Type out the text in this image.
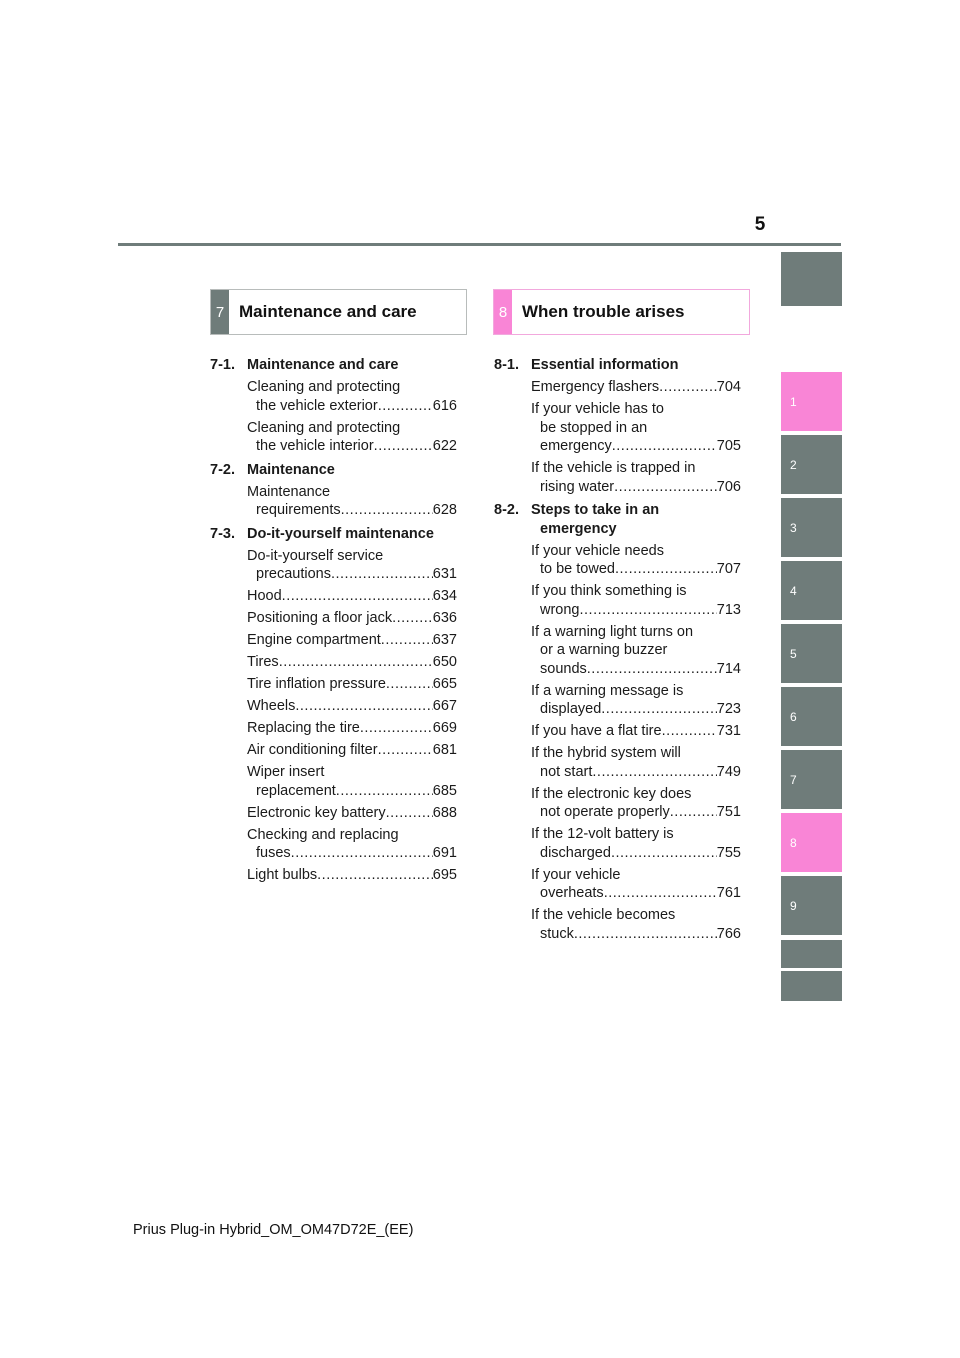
5
1
2
3
4
5
6
7
8
9
7 Maintenance and care	8 When trouble arises
7-1. Maintenance and care
Cleaning and protecting
the vehicle exterior .....	616
Cleaning and protecting
the vehicle interior .....	622
7-2. Maintenance
Maintenance
requirements .....	628
7-3. Do-it-yourself maintenance
Do-it-yourself service
precautions .....	631
Hood .....	634
Positioning a floor jack .....	636
Engine compartment .....	637
Tires .....	650
Tire inflation pressure .....	665
Wheels .....	667
Replacing the tire .....	669
Air conditioning filter .....	681
Wiper insert
replacement .....	685
Electronic key battery .....	688
Checking and replacing
fuses .....	691
Light bulbs .....	695
8-1. Essential information
Emergency flashers .....	704
If your vehicle has to
be stopped in an
emergency .....	705
If the vehicle is trapped in
rising water .....	706
8-2. Steps to take in an
emergency
If your vehicle needs
to be towed .....	707
If you think something is
wrong .....	713
If a warning light turns on
or a warning buzzer
sounds .....	714
If a warning message is
displayed .....	723
If you have a flat tire .....	731
If the hybrid system will
not start .....	749
If the electronic key does
not operate properly .....	751
If the 12-volt battery is
discharged .....	755
If your vehicle
overheats .....	761
If the vehicle becomes
stuck .....	766
Prius Plug-in Hybrid_OM_OM47D72E_(EE)
